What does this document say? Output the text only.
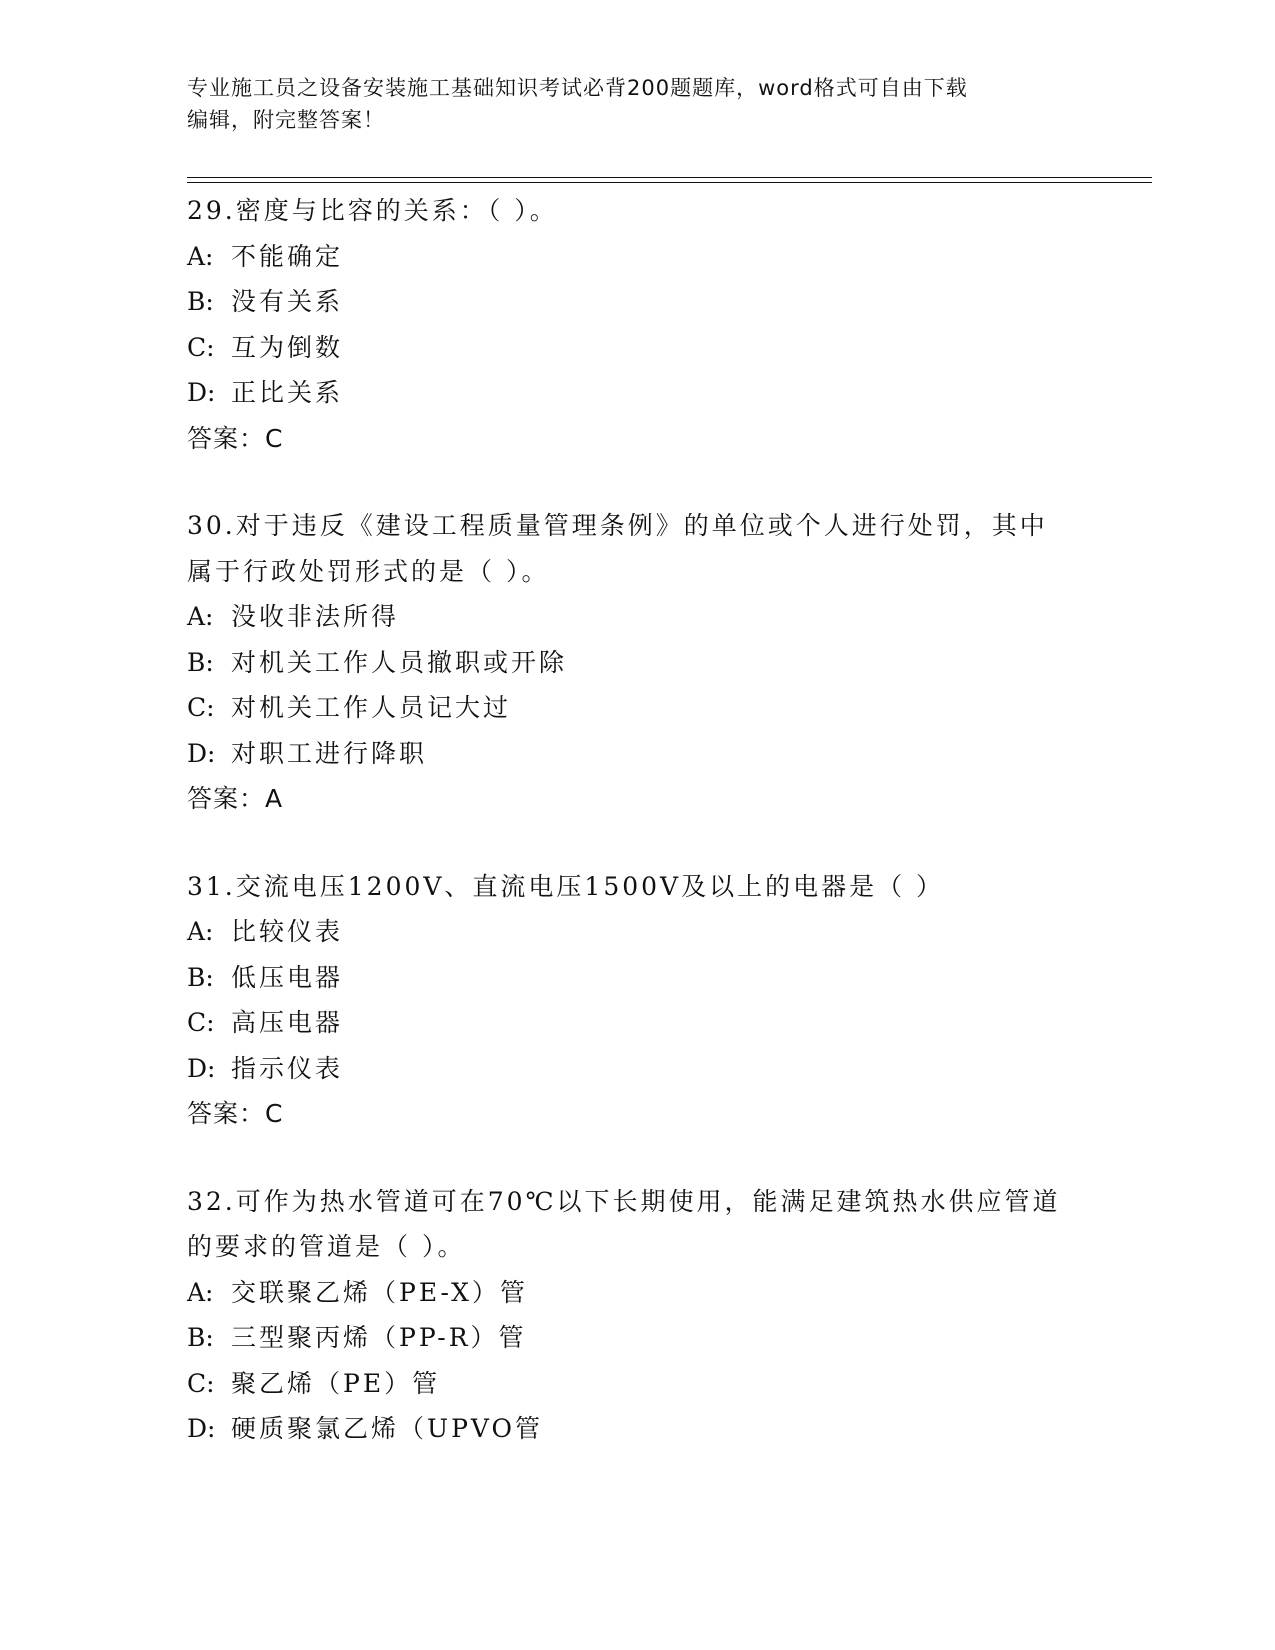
专业施工员之设备安装施工基础知识考试必背200题题库，word格式可自由下载
编辑，附完整答案！
29.密度与比容的关系：（ ）。
A: 不能确定
B: 没有关系
C: 互为倒数
D: 正比关系
答案：C
30.对于违反《建设工程质量管理条例》的单位或个人进行处罚，其中
属于行政处罚形式的是（ ）。
A: 没收非法所得
B: 对机关工作人员撤职或开除
C: 对机关工作人员记大过
D: 对职工进行降职
答案：A
31.交流电压1200V、直流电压1500V及以上的电器是（ ）
A: 比较仪表
B: 低压电器
C: 高压电器
D: 指示仪表
答案：C
32.可作为热水管道可在70℃以下长期使用，能满足建筑热水供应管道
的要求的管道是（ ）。
A: 交联聚乙烯（PE-X）管
B: 三型聚丙烯（PP-R）管
C: 聚乙烯（PE）管
D: 硬质聚氯乙烯（UPVO管
